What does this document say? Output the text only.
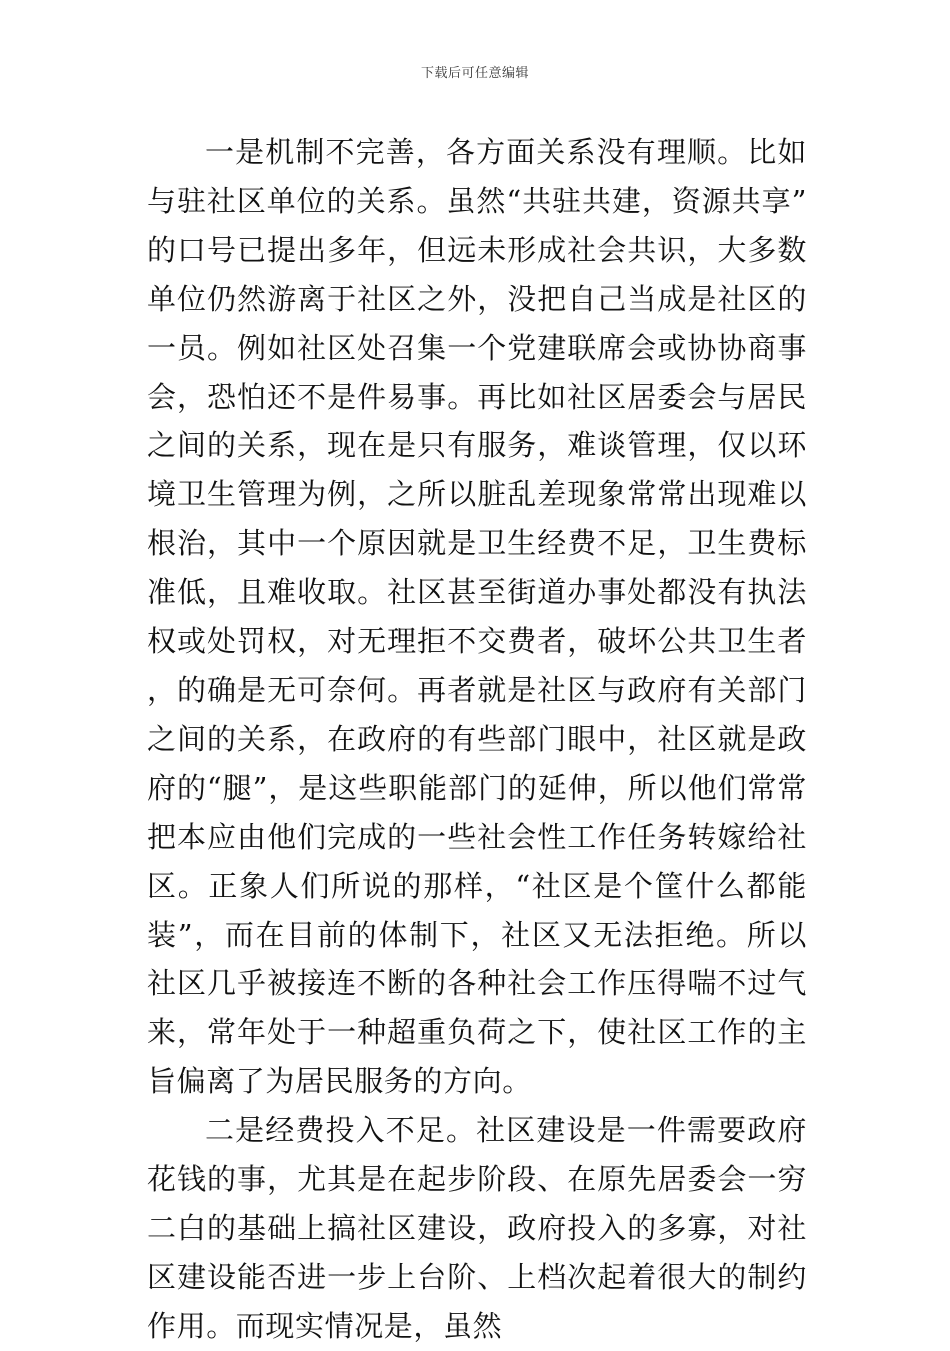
下载后可任意编辑

一是机制不完善，各方面关系没有理顺。比如与驻社区单位的关系。虽然“共驻共建，资源共享”的口号已提出多年，但远未形成社会共识，大多数单位仍然游离于社区之外，没把自己当成是社区的一员。例如社区处召集一个党建联席会或协协商事会，恐怕还不是件易事。再比如社区居委会与居民之间的关系，现在是只有服务，难谈管理，仅以环境卫生管理为例，之所以脏乱差现象常常出现难以根治，其中一个原因就是卫生经费不足，卫生费标准低，且难收取。社区甚至街道办事处都没有执法权或处罚权，对无理拒不交费者，破坏公共卫生者，的确是无可奈何。再者就是社区与政府有关部门之间的关系，在政府的有些部门眼中，社区就是政府的“腿”，是这些职能部门的延伸，所以他们常常把本应由他们完成的一些社会性工作任务转嫁给社区。正象人们所说的那样，“社区是个筐什么都能装”，而在目前的体制下，社区又无法拒绝。所以社区几乎被接连不断的各种社会工作压得喘不过气来，常年处于一种超重负荷之下，使社区工作的主旨偏离了为居民服务的方向。

二是经费投入不足。社区建设是一件需要政府花钱的事，尤其是在起步阶段、在原先居委会一穷二白的基础上搞社区建设，政府投入的多寡，对社区建设能否进一步上台阶、上档次起着很大的制约作用。而现实情况是，虽然
